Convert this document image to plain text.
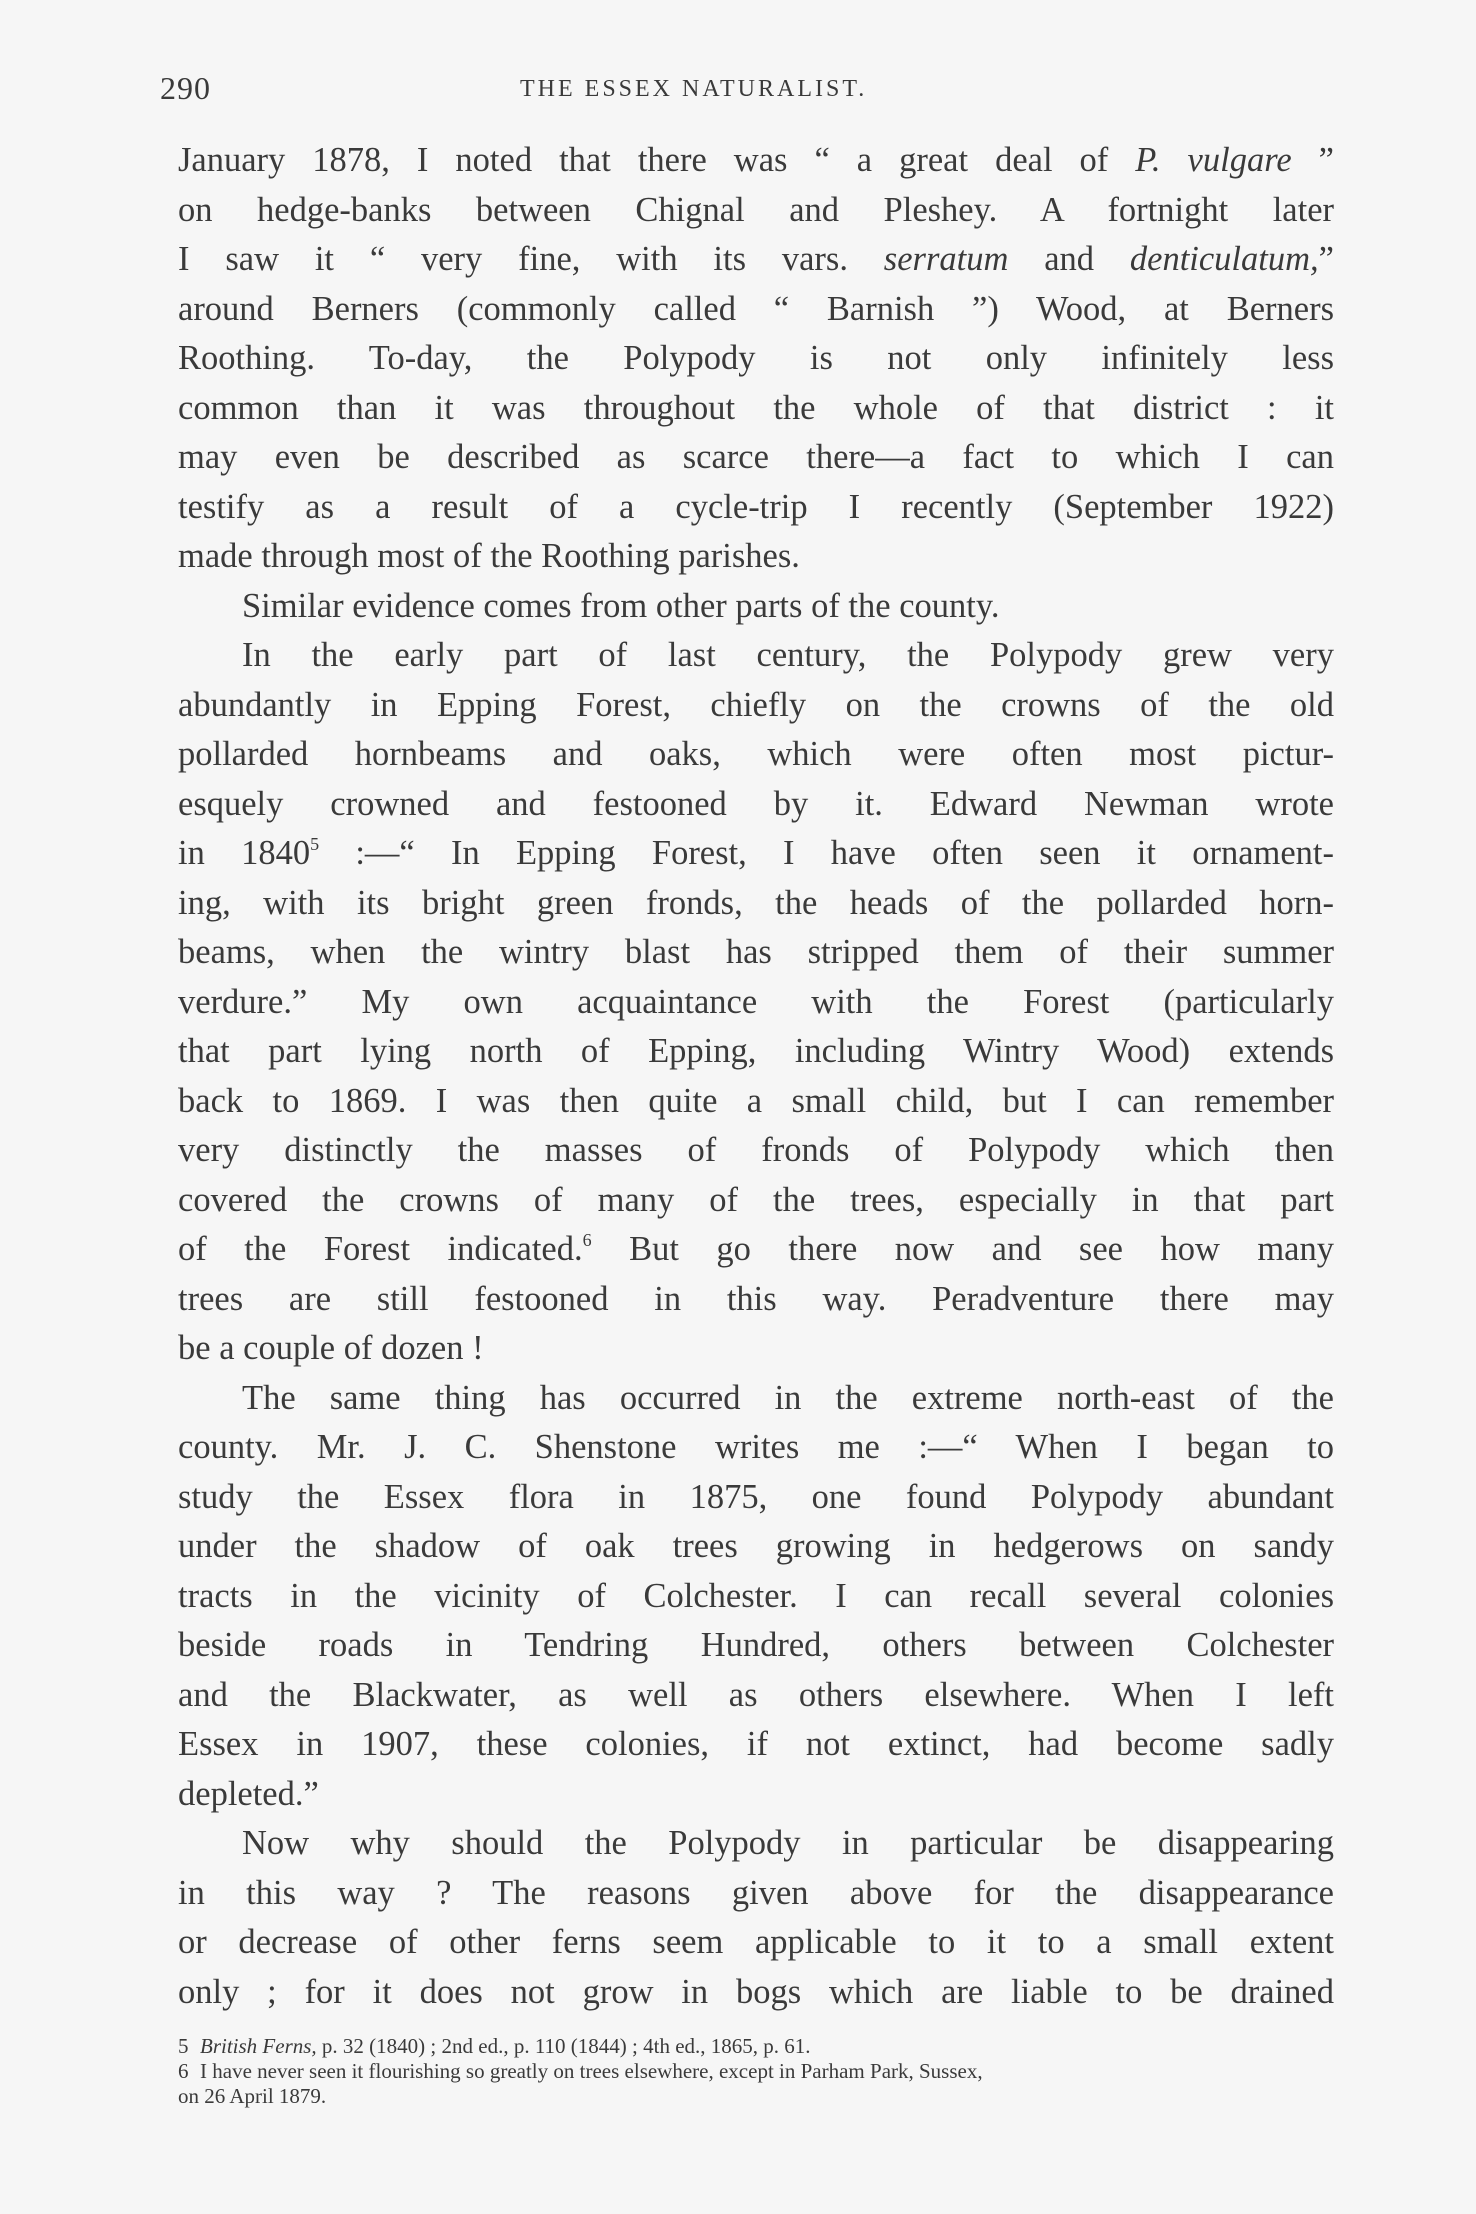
290	THE ESSEX NATURALIST.
January 1878, I noted that there was “ a great deal of P. vulgare ”
on hedge-banks between Chignal and Pleshey. A fortnight later
I saw it “ very fine, with its vars. serratum and denticulatum,”
around Berners (commonly called “ Barnish ”) Wood, at Berners
Roothing. To-day, the Polypody is not only infinitely less
common than it was throughout the whole of that district : it
may even be described as scarce there—a fact to which I can
testify as a result of a cycle-trip I recently (September 1922)
made through most of the Roothing parishes.
Similar evidence comes from other parts of the county.
In the early part of last century, the Polypody grew very
abundantly in Epping Forest, chiefly on the crowns of the old
pollarded hornbeams and oaks, which were often most pictur-
esquely crowned and festooned by it. Edward Newman wrote
in 1840$^5$ :—“ In Epping Forest, I have often seen it ornament-
ing, with its bright green fronds, the heads of the pollarded horn-
beams, when the wintry blast has stripped them of their summer
verdure.” My own acquaintance with the Forest (particularly
that part lying north of Epping, including Wintry Wood) extends
back to 1869. I was then quite a small child, but I can remember
very distinctly the masses of fronds of Polypody which then
covered the crowns of many of the trees, especially in that part
of the Forest indicated.$^6$ But go there now and see how many
trees are still festooned in this way. Peradventure there may
be a couple of dozen !
The same thing has occurred in the extreme north-east of the
county. Mr. J. C. Shenstone writes me :—“ When I began to
study the Essex flora in 1875, one found Polypody abundant
under the shadow of oak trees growing in hedgerows on sandy
tracts in the vicinity of Colchester. I can recall several colonies
beside roads in Tendring Hundred, others between Colchester
and the Blackwater, as well as others elsewhere. When I left
Essex in 1907, these colonies, if not extinct, had become sadly
depleted.”
Now why should the Polypody in particular be disappearing
in this way ? The reasons given above for the disappearance
or decrease of other ferns seem applicable to it to a small extent
only ; for it does not grow in bogs which are liable to be drained
5 British Ferns, p. 32 (1840) ; 2nd ed., p. 110 (1844) ; 4th ed., 1865, p. 61.
6 I have never seen it flourishing so greatly on trees elsewhere, except in Parham Park, Sussex,
on 26 April 1879.
